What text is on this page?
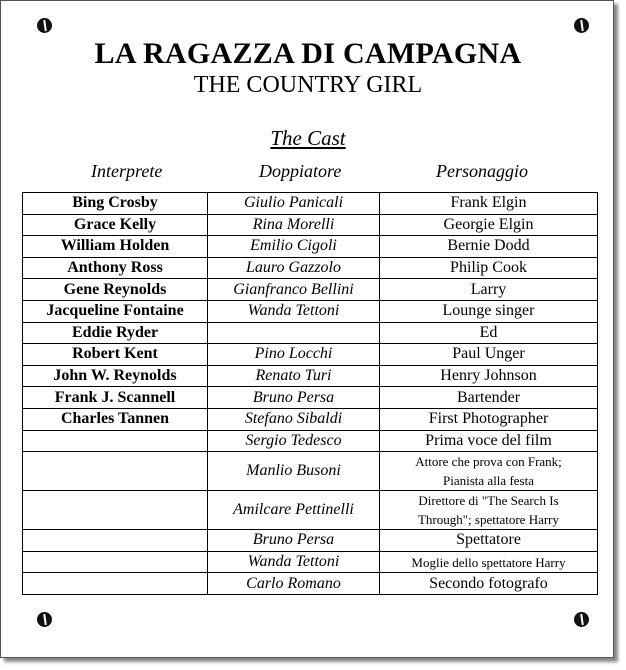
LA RAGAZZA DI CAMPAGNA
THE COUNTRY GIRL
The Cast
Interprete	Doppiatore	Personaggio
Bing Crosby	Giulio Panicali	Frank Elgin
Grace Kelly	Rina Morelli	Georgie Elgin
William Holden	Emilio Cigoli	Bernie Dodd
Anthony Ross	Lauro Gazzolo	Philip Cook
Gene Reynolds	Gianfranco Bellini	Larry
Jacqueline Fontaine	Wanda Tettoni	Lounge singer
Eddie Ryder		Ed
Robert Kent	Pino Locchi	Paul Unger
John W. Reynolds	Renato Turi	Henry Johnson
Frank J. Scannell	Bruno Persa	Bartender
Charles Tannen	Stefano Sibaldi	First Photographer
	Sergio Tedesco	Prima voce del film
	Manlio Busoni	Attore che prova con Frank;
Pianista alla festa

	Amilcare Pettinelli	Direttore di "The Search Is
Through"; spettatore Harry

	Bruno Persa	Spettatore
	Wanda Tettoni	Moglie dello spettatore Harry
	Carlo Romano	Secondo fotografo
